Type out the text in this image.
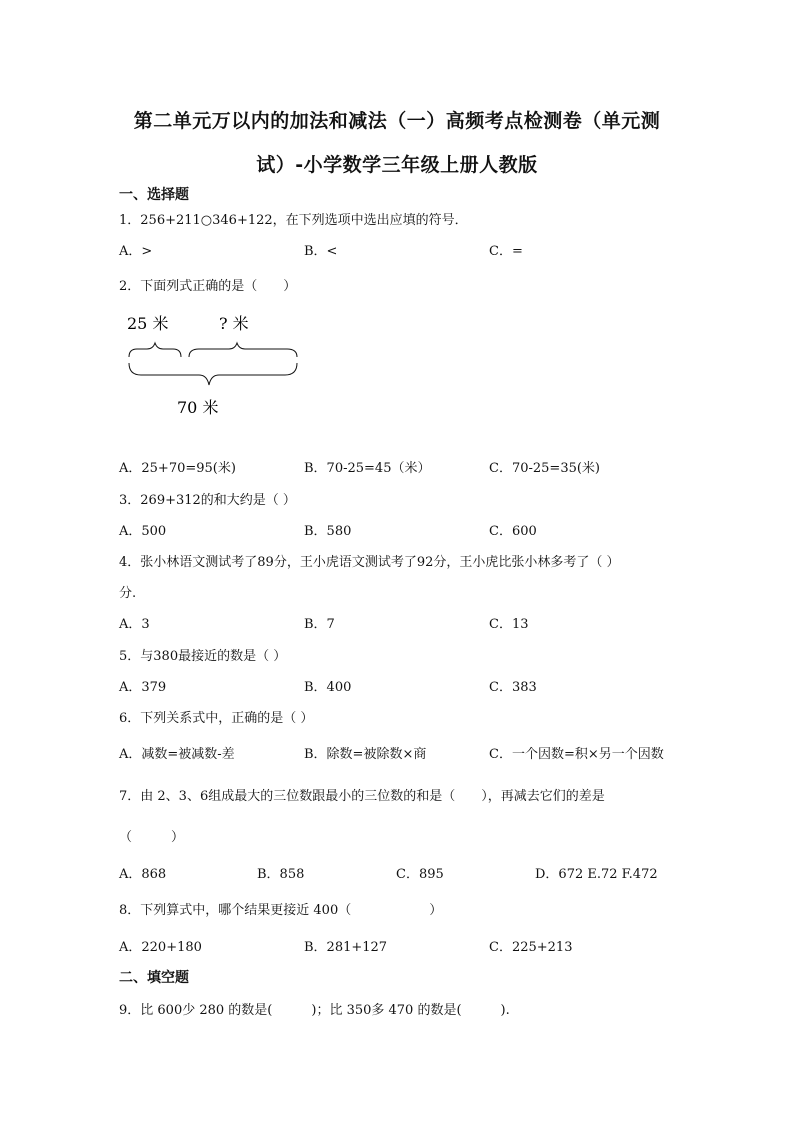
第二单元万以内的加法和减法（一）高频考点检测卷（单元测
试）-小学数学三年级上册人教版
一、选择题
1．256+211○346+122，在下列选项中选出应填的符号．
A．>	B．<	C．=
2．下面列式正确的是（　　）
25 米	? 米
70 米
A．25+70=95(米)	B．70-25=45（米）	C．70-25=35(米)
3．269+312的和大约是（ ）
A．500	B．580	C．600
4．张小林语文测试考了89分，王小虎语文测试考了92分，王小虎比张小林多考了（ ）
分.
A．3	B．7	C．13
5．与380最接近的数是（ ）
A．379	B．400	C．383
6．下列关系式中，正确的是（ ）
A．减数=被减数-差	B．除数=被除数×商	C．一个因数=积×另一个因数
7．由 2、3、6组成最大的三位数跟最小的三位数的和是（　　），再减去它们的差是
（　　　）
A．868	B．858	C．895	D．672 E.72 F.472
8．下列算式中，哪个结果更接近 400（　　　　　　）
A．220+180	B．281+127	C．225+213
二、填空题
9．比 600少 280 的数是(　　　)；比 350多 470 的数是(　　　).
